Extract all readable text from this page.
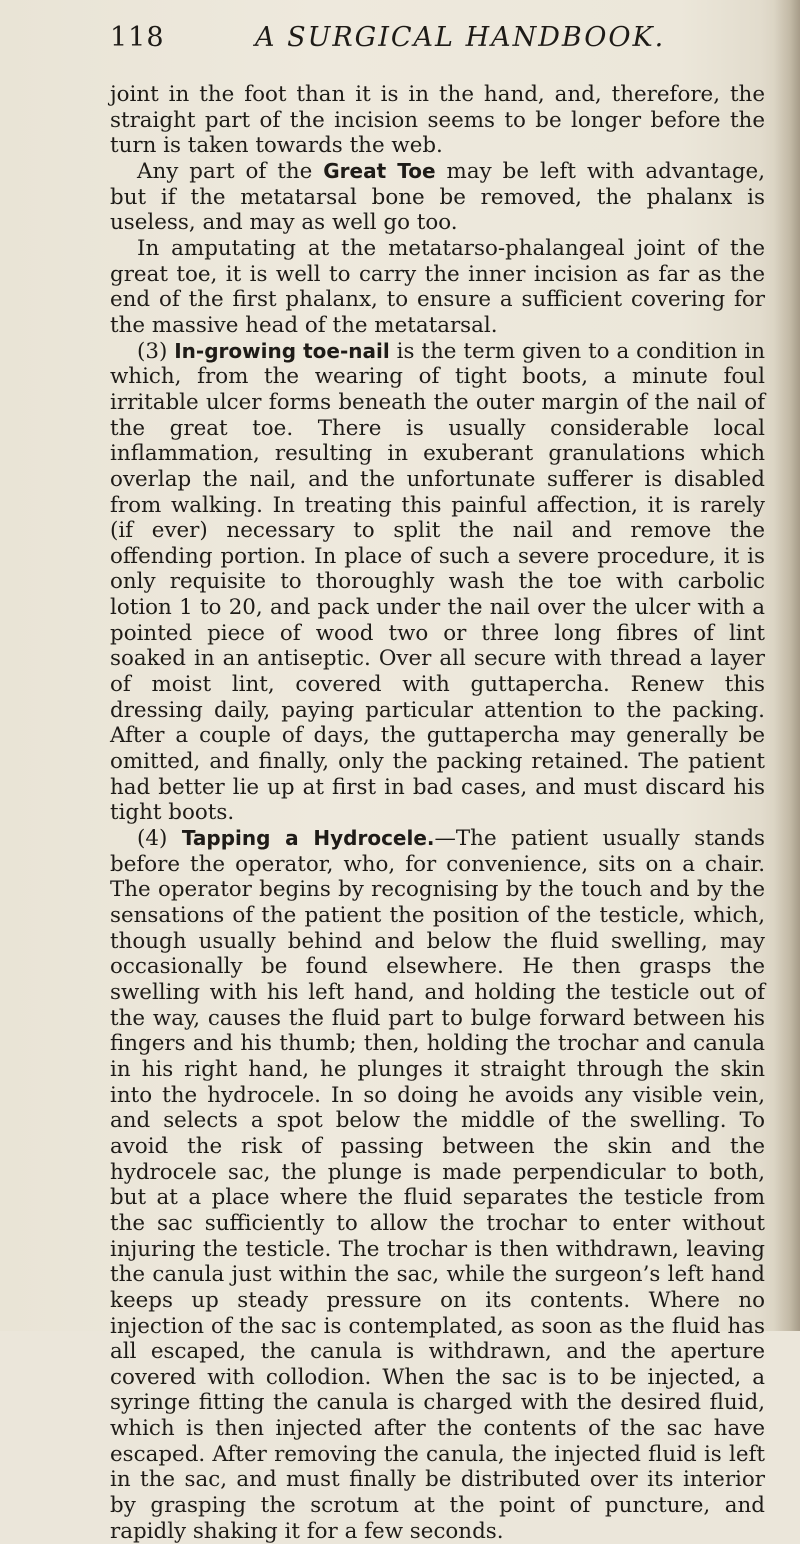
118	A SURGICAL HANDBOOK.

joint in the foot than it is in the hand, and, therefore, the straight part of the incision seems to be longer before the turn is taken towards the web.

Any part of the Great Toe may be left with advantage, but if the metatarsal bone be removed, the phalanx is useless, and may as well go too.

In amputating at the metatarso-phalangeal joint of the great toe, it is well to carry the inner incision as far as the end of the first phalanx, to ensure a sufficient covering for the massive head of the metatarsal.

(3) In-growing toe-nail is the term given to a condition in which, from the wearing of tight boots, a minute foul irritable ulcer forms beneath the outer margin of the nail of the great toe. There is usually considerable local inflammation, resulting in exuberant granulations which overlap the nail, and the unfortunate sufferer is disabled from walking. In treating this painful affection, it is rarely (if ever) necessary to split the nail and remove the offending portion. In place of such a severe procedure, it is only requisite to thoroughly wash the toe with carbolic lotion 1 to 20, and pack under the nail over the ulcer with a pointed piece of wood two or three long fibres of lint soaked in an antiseptic. Over all secure with thread a layer of moist lint, covered with guttapercha. Renew this dressing daily, paying particular attention to the packing. After a couple of days, the guttapercha may generally be omitted, and finally, only the packing retained. The patient had better lie up at first in bad cases, and must discard his tight boots.

(4) Tapping a Hydrocele.—The patient usually stands before the operator, who, for convenience, sits on a chair. The operator begins by recognising by the touch and by the sensations of the patient the position of the testicle, which, though usually behind and below the fluid swelling, may occasionally be found elsewhere. He then grasps the swelling with his left hand, and holding the testicle out of the way, causes the fluid part to bulge forward between his fingers and his thumb; then, holding the trochar and canula in his right hand, he plunges it straight through the skin into the hydrocele. In so doing he avoids any visible vein, and selects a spot below the middle of the swelling. To avoid the risk of passing between the skin and the hydrocele sac, the plunge is made perpendicular to both, but at a place where the fluid separates the testicle from the sac sufficiently to allow the trochar to enter without injuring the testicle. The trochar is then withdrawn, leaving the canula just within the sac, while the surgeon’s left hand keeps up steady pressure on its contents. Where no injection of the sac is contemplated, as soon as the fluid has all escaped, the canula is withdrawn, and the aperture covered with collodion. When the sac is to be injected, a syringe fitting the canula is charged with the desired fluid, which is then injected after the contents of the sac have escaped. After removing the canula, the injected fluid is left in the sac, and must finally be distributed over its interior by grasping the scrotum at the point of puncture, and rapidly shaking it for a few seconds.
